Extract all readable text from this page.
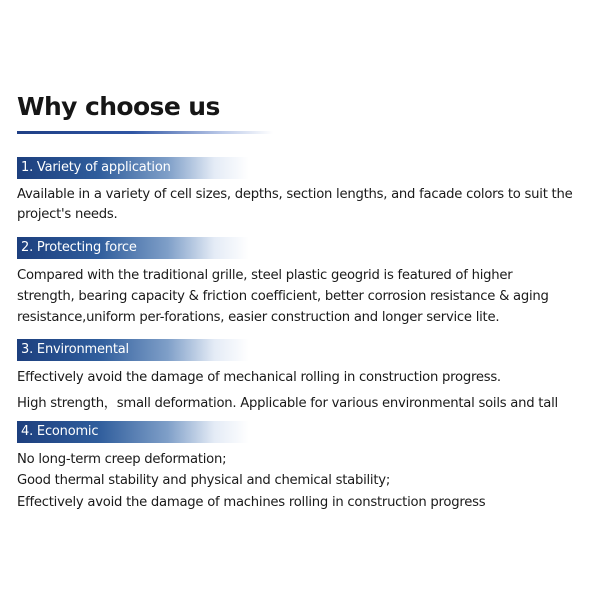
Why choose us
1. Variety of application
Available in a variety of cell sizes, depths, section lengths, and facade colors to suit the
project's needs.
2. Protecting force
Compared with the traditional grille, steel plastic geogrid is featured of higher
strength, bearing capacity & friction coefficient, better corrosion resistance & aging
resistance,uniform per-forations, easier construction and longer service lite.
3. Environmental
Effectively avoid the damage of mechanical rolling in construction progress.
High strength，small deformation. Applicable for various environmental soils and tall
4. Economic
No long-term creep deformation;
Good thermal stability and physical and chemical stability;
Effectively avoid the damage of machines rolling in construction progress
